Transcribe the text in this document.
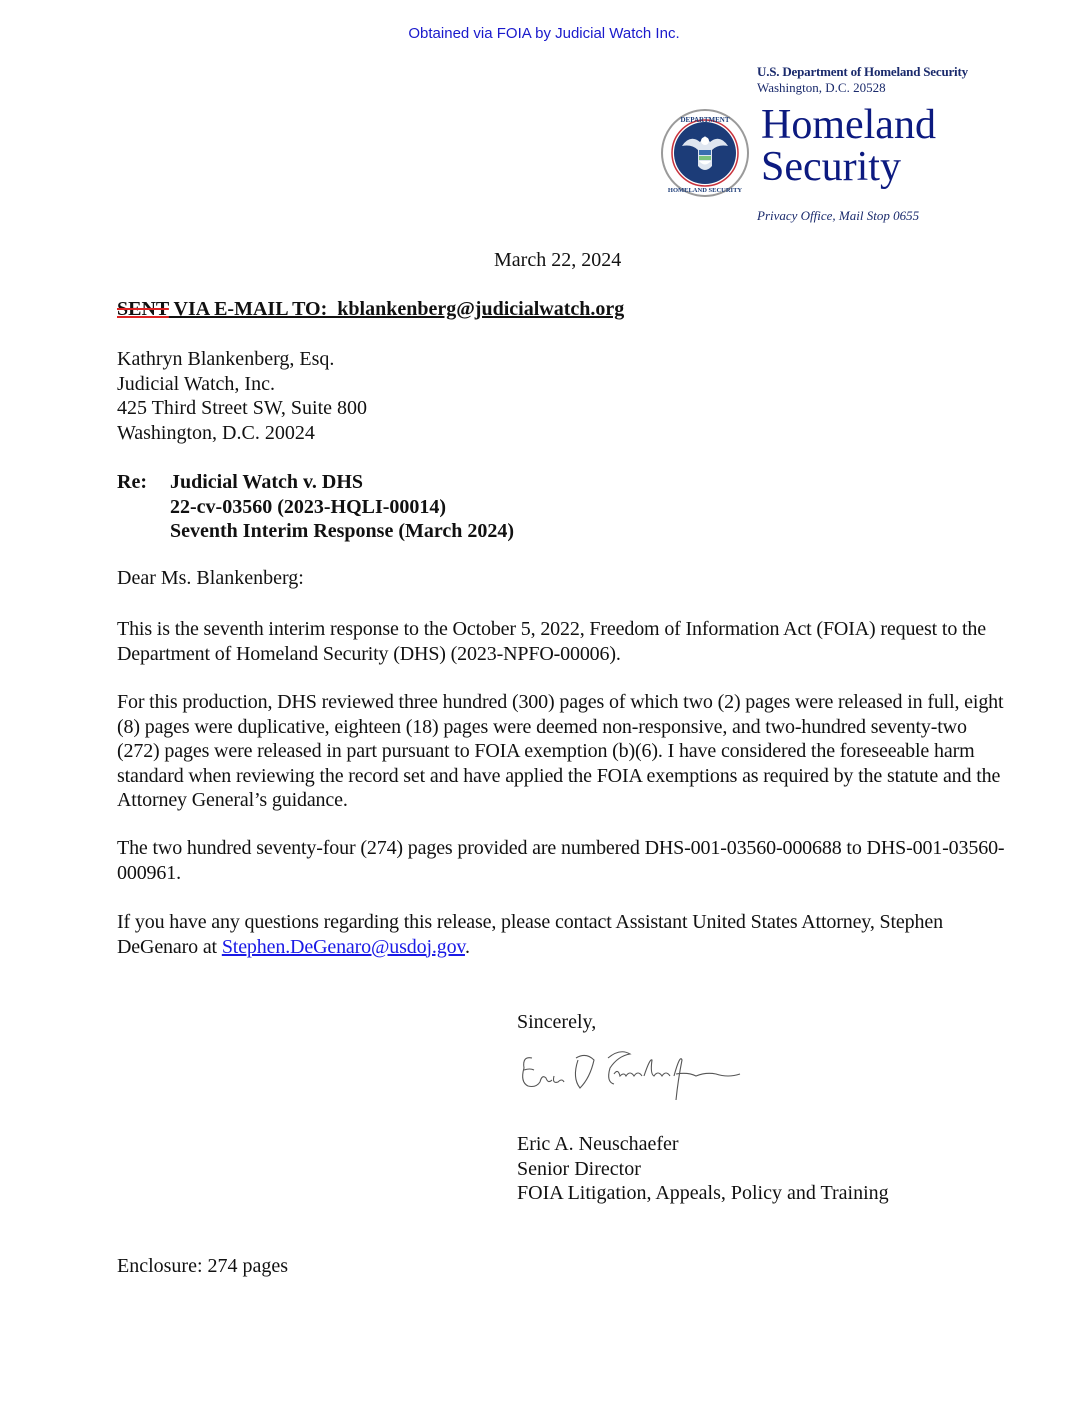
Obtained via FOIA by Judicial Watch Inc.
U.S. Department of Homeland Security
Washington, D.C. 20528
DEPARTMENT
HOMELAND SECURITY
Homeland
Security
Privacy Office, Mail Stop 0655
March 22, 2024
SENT VIA E-MAIL TO:  kblankenberg@judicialwatch.org
Kathryn Blankenberg, Esq.
Judicial Watch, Inc.
425 Third Street SW, Suite 800
Washington, D.C. 20024
Re: Judicial Watch v. DHS
22-cv-03560 (2023-HQLI-00014)
Seventh Interim Response (March 2024)
Dear Ms. Blankenberg:
This is the seventh interim response to the October 5, 2022, Freedom of Information Act (FOIA) request to the Department of Homeland Security (DHS) (2023-NPFO-00006).
For this production, DHS reviewed three hundred (300) pages of which two (2) pages were released in full, eight (8) pages were duplicative, eighteen (18) pages were deemed non-responsive, and two-hundred seventy-two (272) pages were released in part pursuant to FOIA exemption (b)(6). I have considered the foreseeable harm standard when reviewing the record set and have applied the FOIA exemptions as required by the statute and the Attorney General’s guidance.
The two hundred seventy-four (274) pages provided are numbered DHS-001-03560-000688 to DHS-001-03560-000961.
If you have any questions regarding this release, please contact Assistant United States Attorney, Stephen DeGenaro at Stephen.DeGenaro@usdoj.gov.
Sincerely,
Eric A. Neuschaefer
Senior Director
FOIA Litigation, Appeals, Policy and Training
Enclosure: 274 pages
